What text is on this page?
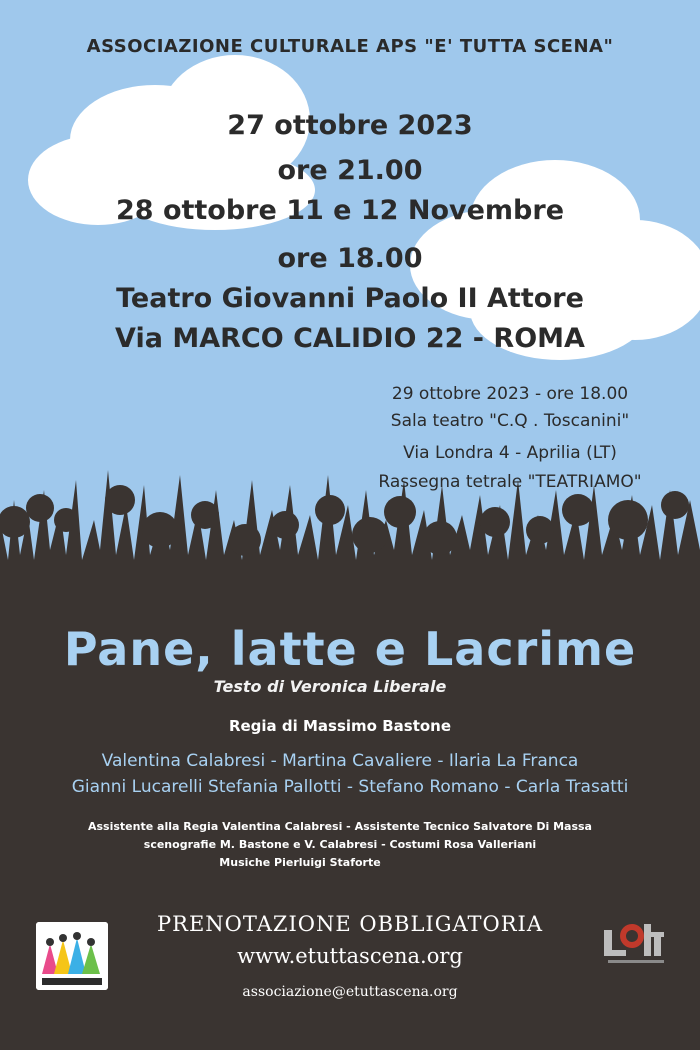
ASSOCIAZIONE CULTURALE APS "E' TUTTA SCENA"
27 ottobre 2023
ore 21.00
28 ottobre 11 e 12 Novembre
ore 18.00
Teatro Giovanni Paolo II Attore
Via MARCO CALIDIO 22 - ROMA
29 ottobre 2023 - ore 18.00
Sala teatro "C.Q . Toscanini"
Via Londra 4 - Aprilia (LT)
Rassegna tetrale "TEATRIAMO"
Pane, latte e Lacrime
Testo di Veronica Liberale
Regia di Massimo Bastone
Valentina Calabresi - Martina Cavaliere - Ilaria La Franca
Gianni Lucarelli Stefania Pallotti - Stefano Romano - Carla Trasatti
Assistente alla Regia Valentina Calabresi - Assistente Tecnico Salvatore Di Massa
scenografie M. Bastone e V. Calabresi - Costumi Rosa Valleriani
Musiche Pierluigi Staforte
PRENOTAZIONE OBBLIGATORIA
www.etuttascena.org
associazione@etuttascena.org
